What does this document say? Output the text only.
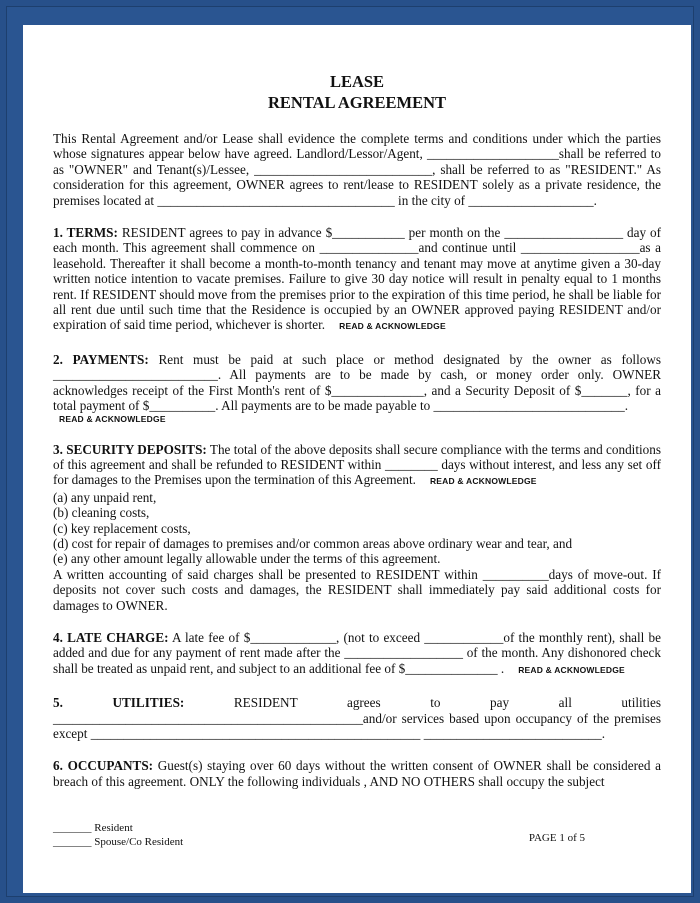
LEASE
RENTAL AGREEMENT

This Rental Agreement and/or Lease shall evidence the complete terms and conditions under which the parties whose signatures appear below have agreed. Landlord/Lessor/Agent, ____________________shall be referred to as "OWNER" and Tenant(s)/Lessee, ___________________________, shall be referred to as "RESIDENT." As consideration for this agreement, OWNER agrees to rent/lease to RESIDENT solely as a private residence, the premises located at ____________________________________ in the city of ___________________.

1. TERMS: RESIDENT agrees to pay in advance $___________ per month on the __________________ day of each month. This agreement shall commence on _______________and continue until __________________as a leasehold. Thereafter it shall become a month-to-month tenancy and tenant may move at anytime given a 30-day written notice intention to vacate premises. Failure to give 30 day notice will result in penalty equal to 1 months rent. If RESIDENT should move from the premises prior to the expiration of this time period, he shall be liable for all rent due until such time that the Residence is occupied by an OWNER approved paying RESIDENT and/or expiration of said time period, whichever is shorter. READ & ACKNOWLEDGE

2. PAYMENTS: Rent must be paid at such place or method designated by the owner as follows _________________________. All payments are to be made by cash, or money order only. OWNER acknowledges receipt of the First Month's rent of $______________, and a Security Deposit of $_______, for a total payment of $__________. All payments are to be made payable to _____________________________.

READ & ACKNOWLEDGE

3. SECURITY DEPOSITS: The total of the above deposits shall secure compliance with the terms and conditions of this agreement and shall be refunded to RESIDENT within ________ days without interest, and less any set off for damages to the Premises upon the termination of this Agreement. READ & ACKNOWLEDGE

(a) any unpaid rent,
(b) cleaning costs,
(c) key replacement costs,
(d) cost for repair of damages to premises and/or common areas above ordinary wear and tear, and
(e) any other amount legally allowable under the terms of this agreement.

A written accounting of said charges shall be presented to RESIDENT within __________days of move-out. If deposits not cover such costs and damages, the RESIDENT shall immediately pay said additional costs for damages to OWNER.

4. LATE CHARGE: A late fee of $_____________, (not to exceed ____________of the monthly rent), shall be added and due for any payment of rent made after the __________________ of the month. Any dishonored check shall be treated as unpaid rent, and subject to an additional fee of $______________ . READ & ACKNOWLEDGE

5. UTILITIES: RESIDENT agrees to pay all utilities _______________________________________________and/or services based upon occupancy of the premises except __________________________________________________ ___________________________.

6. OCCUPANTS: Guest(s) staying over 60 days without the written consent of OWNER shall be considered a breach of this agreement. ONLY the following individuals , AND NO OTHERS shall occupy the subject

_______ Resident
_______ Spouse/Co Resident	PAGE 1 of 5
